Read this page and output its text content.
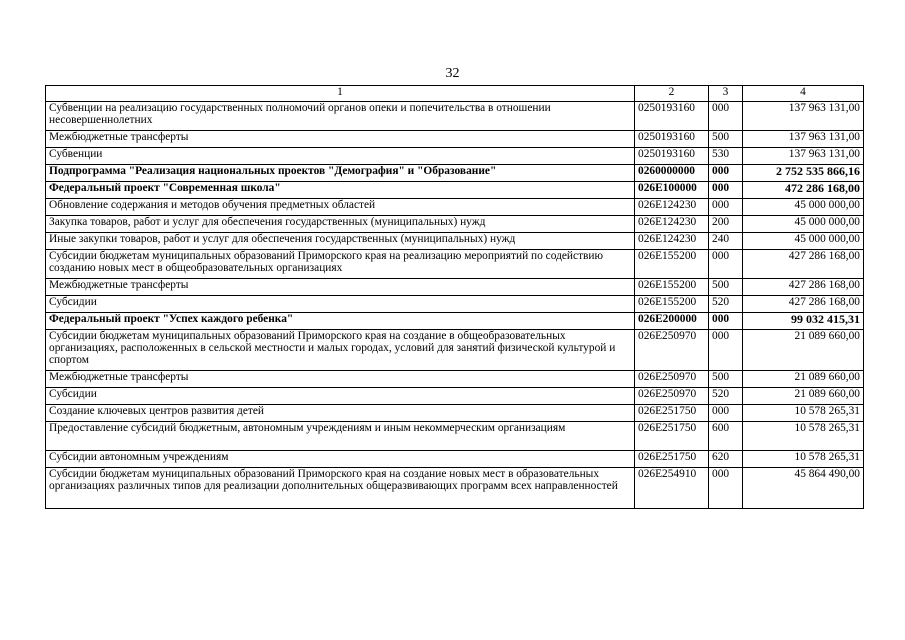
32
1	2	3	4
Субвенции на реализацию государственных полномочий органов опеки и попечительства в отношении несовершеннолетних	0250193160	000	137 963 131,00
Межбюджетные трансферты	0250193160	500	137 963 131,00
Субвенции	0250193160	530	137 963 131,00
Подпрограмма "Реализация национальных проектов "Демография" и "Образование"	0260000000	000	2 752 535 866,16
Федеральный проект "Современная школа"	026E100000	000	472 286 168,00
Обновление содержания и методов обучения предметных областей	026E124230	000	45 000 000,00
Закупка товаров, работ и услуг для обеспечения государственных (муниципальных) нужд	026E124230	200	45 000 000,00
Иные закупки товаров, работ и услуг для обеспечения государственных (муниципальных) нужд	026E124230	240	45 000 000,00
Субсидии бюджетам муниципальных образований Приморского края на реализацию мероприятий по содействию созданию новых мест в общеобразовательных организациях	026E155200	000	427 286 168,00
Межбюджетные трансферты	026E155200	500	427 286 168,00
Субсидии	026E155200	520	427 286 168,00
Федеральный проект "Успех каждого ребенка"	026E200000	000	99 032 415,31
Субсидии бюджетам муниципальных образований Приморского края на создание в общеобразовательных организациях, расположенных в сельской местности и малых городах, условий для занятий физической культурой и спортом	026E250970	000	21 089 660,00
Межбюджетные трансферты	026E250970	500	21 089 660,00
Субсидии	026E250970	520	21 089 660,00
Создание ключевых центров развития детей	026E251750	000	10 578 265,31
Предоставление субсидий бюджетным, автономным учреждениям и иным некоммерческим организациям	026E251750	600	10 578 265,31
Субсидии автономным учреждениям	026E251750	620	10 578 265,31
Субсидии бюджетам муниципальных образований Приморского края на создание новых мест в образовательных организациях различных типов для реализации дополнительных общеразвивающих программ всех направленностей	026E254910	000	45 864 490,00
